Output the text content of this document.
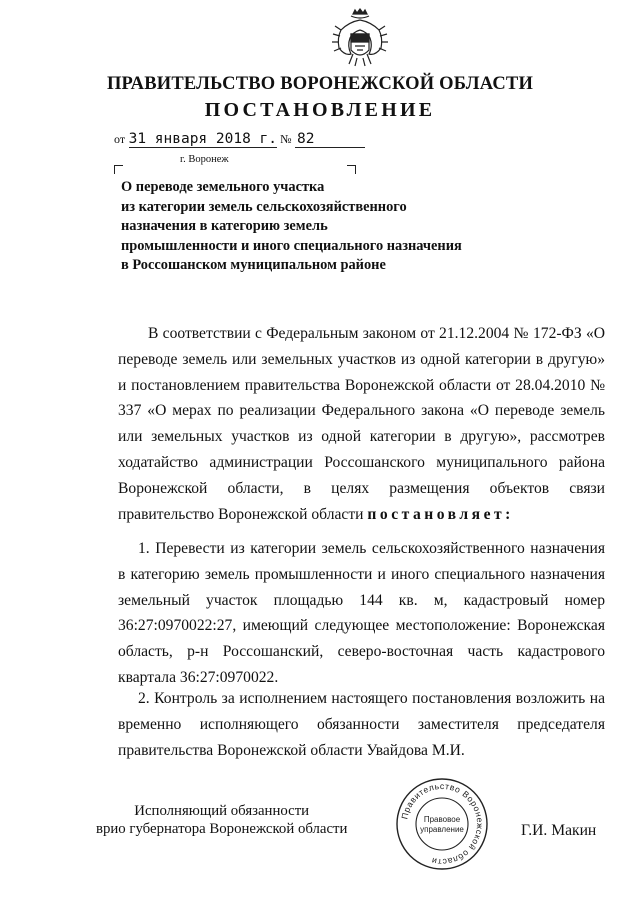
ПРАВИТЕЛЬСТВО ВОРОНЕЖСКОЙ ОБЛАСТИ
ПОСТАНОВЛЕНИЕ
от 31 января 2018 г. № 82
г. Воронеж
О переводе земельного участка
из категории земель сельскохозяйственного
назначения в категорию земель
промышленности и иного специального назначения
в Россошанском муниципальном районе
В соответствии с Федеральным законом от 21.12.2004 № 172-ФЗ «О переводе земель или земельных участков из одной категории в другую» и постановлением правительства Воронежской области от 28.04.2010 № 337 «О мерах по реализации Федерального закона «О переводе земель или земельных участков из одной категории в другую», рассмотрев ходатайство администрации Россошанского муниципального района Воронежской области, в целях размещения объектов связи правительство Воронежской области постановляет:
1. Перевести из категории земель сельскохозяйственного назначения в категорию земель промышленности и иного специального назначения земельный участок площадью 144 кв. м, кадастровый номер 36:27:0970022:27, имеющий следующее местоположение: Воронежская область, р-н Россошанский, северо-восточная часть кадастрового квартала 36:27:0970022.
2. Контроль за исполнением настоящего постановления возложить на временно исполняющего обязанности заместителя председателя правительства Воронежской области Увайдова М.И.
Исполняющий обязанности
врио губернатора Воронежской области
Правительство Воронежской области
Правовое
управление	Г.И. Макин
